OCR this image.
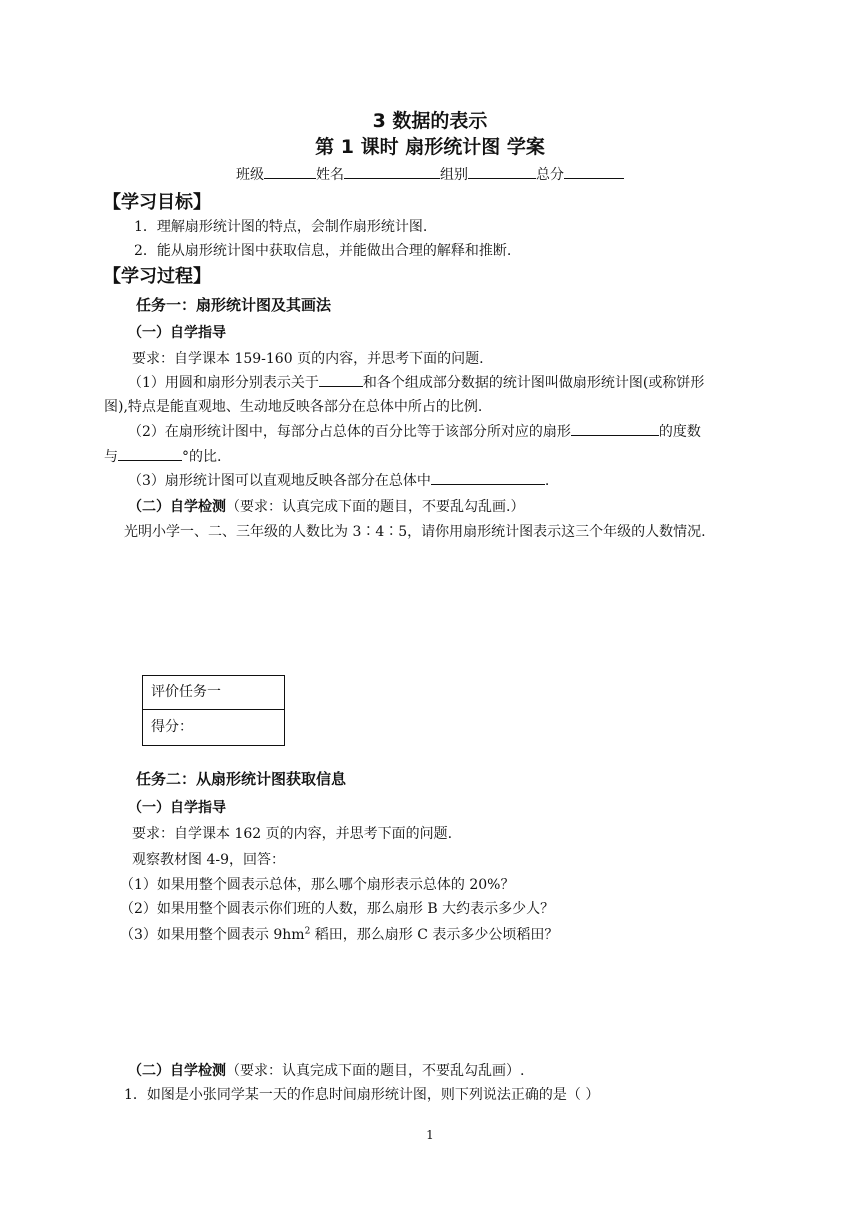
3 数据的表示
第 1 课时 扇形统计图 学案
班级	姓名	组别	总分
【学习目标】
1．理解扇形统计图的特点，会制作扇形统计图.
2．能从扇形统计图中获取信息，并能做出合理的解释和推断.
【学习过程】
任务一：扇形统计图及其画法
（一）自学指导
要求：自学课本 159-160 页的内容，并思考下面的问题.
（1）用圆和扇形分别表示关于	和各个组成部分数据的统计图叫做扇形统计图(或称饼形
图),特点是能直观地、生动地反映各部分在总体中所占的比例.
（2）在扇形统计图中，每部分占总体的百分比等于该部分所对应的扇形	的度数
与	°的比.
（3）扇形统计图可以直观地反映各部分在总体中	.
（二）自学检测（要求：认真完成下面的题目，不要乱勾乱画.）
光明小学一、二、三年级的人数比为 3∶4∶5，请你用扇形统计图表示这三个年级的人数情况.
评价任务一
得分：
任务二：从扇形统计图获取信息
（一）自学指导
要求：自学课本 162 页的内容，并思考下面的问题.
观察教材图 4-9，回答：
（1）如果用整个圆表示总体，那么哪个扇形表示总体的 20%？
（2）如果用整个圆表示你们班的人数，那么扇形 B 大约表示多少人？
（3）如果用整个圆表示 $9hm^2$ 稻田，那么扇形 C 表示多少公顷稻田？
（二）自学检测（要求：认真完成下面的题目，不要乱勾乱画）.
1．如图是小张同学某一天的作息时间扇形统计图，则下列说法正确的是（ ）
1
